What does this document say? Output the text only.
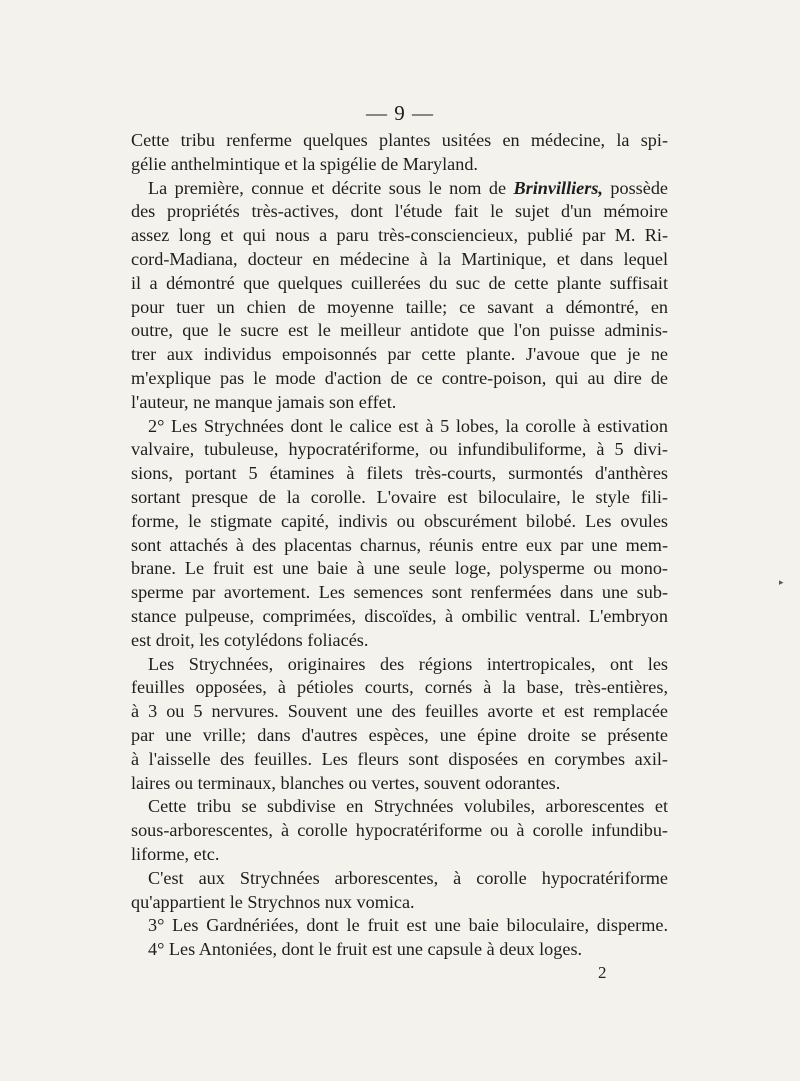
— 9 —

Cette tribu renferme quelques plantes usitées en médecine, la spi-
gélie anthelmintique et la spigélie de Maryland.

La première, connue et décrite sous le nom de Brinvilliers, possède
des propriétés très-actives, dont l'étude fait le sujet d'un mémoire
assez long et qui nous a paru très-consciencieux, publié par M. Ri-
cord-Madiana, docteur en médecine à la Martinique, et dans lequel
il a démontré que quelques cuillerées du suc de cette plante suffisait
pour tuer un chien de moyenne taille; ce savant a démontré, en
outre, que le sucre est le meilleur antidote que l'on puisse adminis-
trer aux individus empoisonnés par cette plante. J'avoue que je ne
m'explique pas le mode d'action de ce contre-poison, qui au dire de
l'auteur, ne manque jamais son effet.

2° Les Strychnées dont le calice est à 5 lobes, la corolle à estivation
valvaire, tubuleuse, hypocratériforme, ou infundibuliforme, à 5 divi-
sions, portant 5 étamines à filets très-courts, surmontés d'anthères
sortant presque de la corolle. L'ovaire est biloculaire, le style fili-
forme, le stigmate capité, indivis ou obscurément bilobé. Les ovules
sont attachés à des placentas charnus, réunis entre eux par une mem-
brane. Le fruit est une baie à une seule loge, polysperme ou mono-
sperme par avortement. Les semences sont renfermées dans une sub-
stance pulpeuse, comprimées, discoïdes, à ombilic ventral. L'embryon
est droit, les cotylédons foliacés.

Les Strychnées, originaires des régions intertropicales, ont les
feuilles opposées, à pétioles courts, cornés à la base, très-entières,
à 3 ou 5 nervures. Souvent une des feuilles avorte et est remplacée
par une vrille; dans d'autres espèces, une épine droite se présente
à l'aisselle des feuilles. Les fleurs sont disposées en corymbes axil-
laires ou terminaux, blanches ou vertes, souvent odorantes.

Cette tribu se subdivise en Strychnées volubiles, arborescentes et
sous-arborescentes, à corolle hypocratériforme ou à corolle infundibu-
liforme, etc.

C'est aux Strychnées arborescentes, à corolle hypocratériforme
qu'appartient le Strychnos nux vomica.

3° Les Gardnériées, dont le fruit est une baie biloculaire, disperme.

4° Les Antoniées, dont le fruit est une capsule à deux loges.

2
▸
